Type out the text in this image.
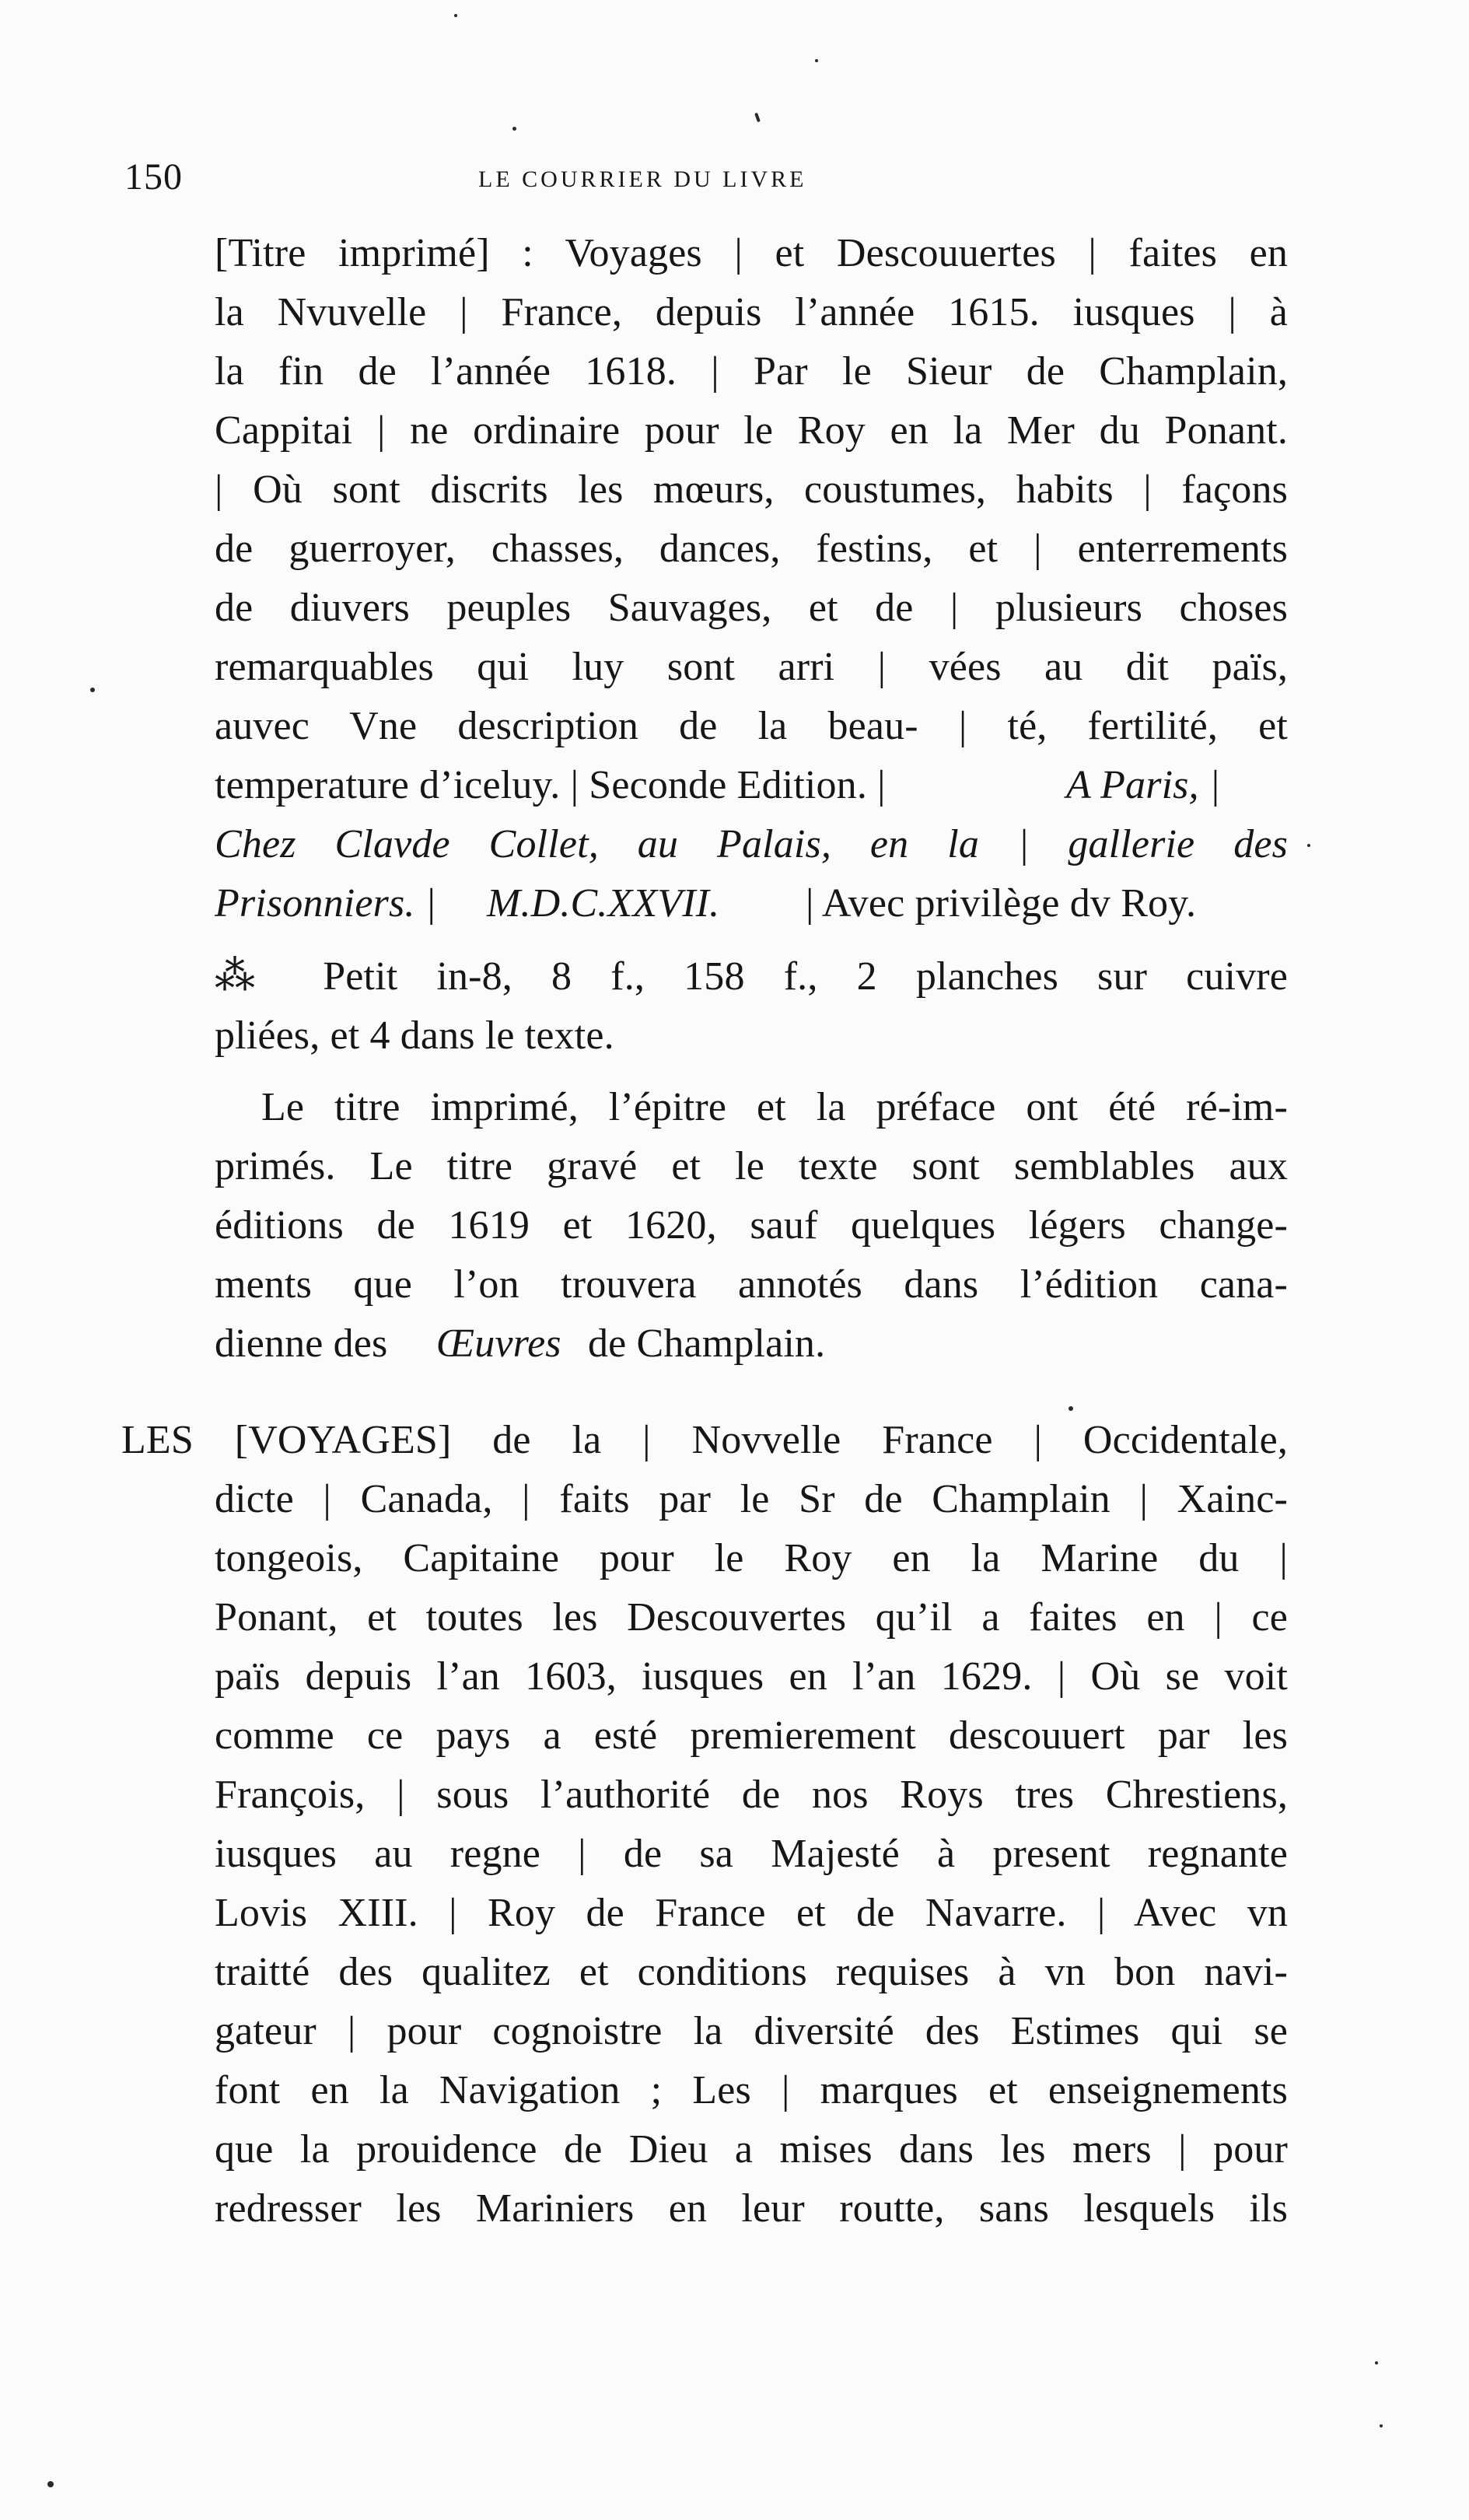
150	LE COURRIER DU LIVRE
[Titre imprimé] : Voyages | et Descouuertes | faites en
la Nvuvelle | France, depuis l’année 1615. iusques | à
la fin de l’année 1618. | Par le Sieur de Champlain,
Cappitai | ne ordinaire pour le Roy en la Mer du Ponant.
| Où sont discrits les mœurs, coustumes, habits | façons
de guerroyer, chasses, dances, festins, et | enterrements
de diuvers peuples Sauvages, et de | plusieurs choses
remarquables qui luy sont arri | vées au dit païs,
auvec Vne description de la beau- | té, fertilité, et
temperature d’iceluy. | Seconde Edition. |	A Paris, |
Chez Clavde Collet, au Palais, en la | gallerie des
Prisonniers. | M.D.C.XXVII. | Avec privilège dv Roy.
⁂ Petit in-8, 8 f., 158 f., 2 planches sur cuivre
pliées, et 4 dans le texte.
Le titre imprimé, l’épitre et la préface ont été ré-im-
primés. Le titre gravé et le texte sont semblables aux
éditions de 1619 et 1620, sauf quelques légers change-
ments que l’on trouvera annotés dans l’édition cana-
dienne des Œuvres de Champlain.
LES [VOYAGES] de la | Novvelle France | Occidentale,
dicte | Canada, | faits par le Sr de Champlain | Xainc-
tongeois, Capitaine pour le Roy en la Marine du |
Ponant, et toutes les Descouvertes qu’il a faites en | ce
païs depuis l’an 1603, iusques en l’an 1629. | Où se voit
comme ce pays a esté premierement descouuert par les
François, | sous l’authorité de nos Roys tres Chrestiens,
iusques au regne | de sa Majesté à present regnante
Lovis XIII. | Roy de France et de Navarre. | Avec vn
traitté des qualitez et conditions requises à vn bon navi-
gateur | pour cognoistre la diversité des Estimes qui se
font en la Navigation ; Les | marques et enseignements
que la prouidence de Dieu a mises dans les mers | pour
redresser les Mariniers en leur routte, sans lesquels ils
